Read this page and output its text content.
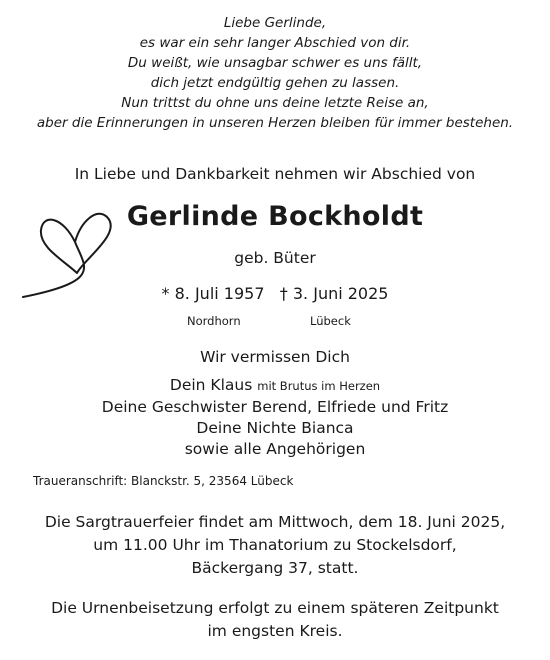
Liebe Gerlinde,
es war ein sehr langer Abschied von dir.
Du weißt, wie unsagbar schwer es uns fällt,
dich jetzt endgültig gehen zu lassen.
Nun trittst du ohne uns deine letzte Reise an,
aber die Erinnerungen in unseren Herzen bleiben für immer bestehen.
In Liebe und Dankbarkeit nehmen wir Abschied von
Gerlinde Bockholdt
geb. Büter
* 8. Juli 1957 † 3. Juni 2025
Nordhorn	Lübeck
Wir vermissen Dich
Dein Klaus mit Brutus im Herzen
Deine Geschwister Berend, Elfriede und Fritz
Deine Nichte Bianca
sowie alle Angehörigen
Traueranschrift: Blanckstr. 5, 23564 Lübeck
Die Sargtrauerfeier findet am Mittwoch, dem 18. Juni 2025,
um 11.00 Uhr im Thanatorium zu Stockelsdorf,
Bäckergang 37, statt.
Die Urnenbeisetzung erfolgt zu einem späteren Zeitpunkt
im engsten Kreis.
